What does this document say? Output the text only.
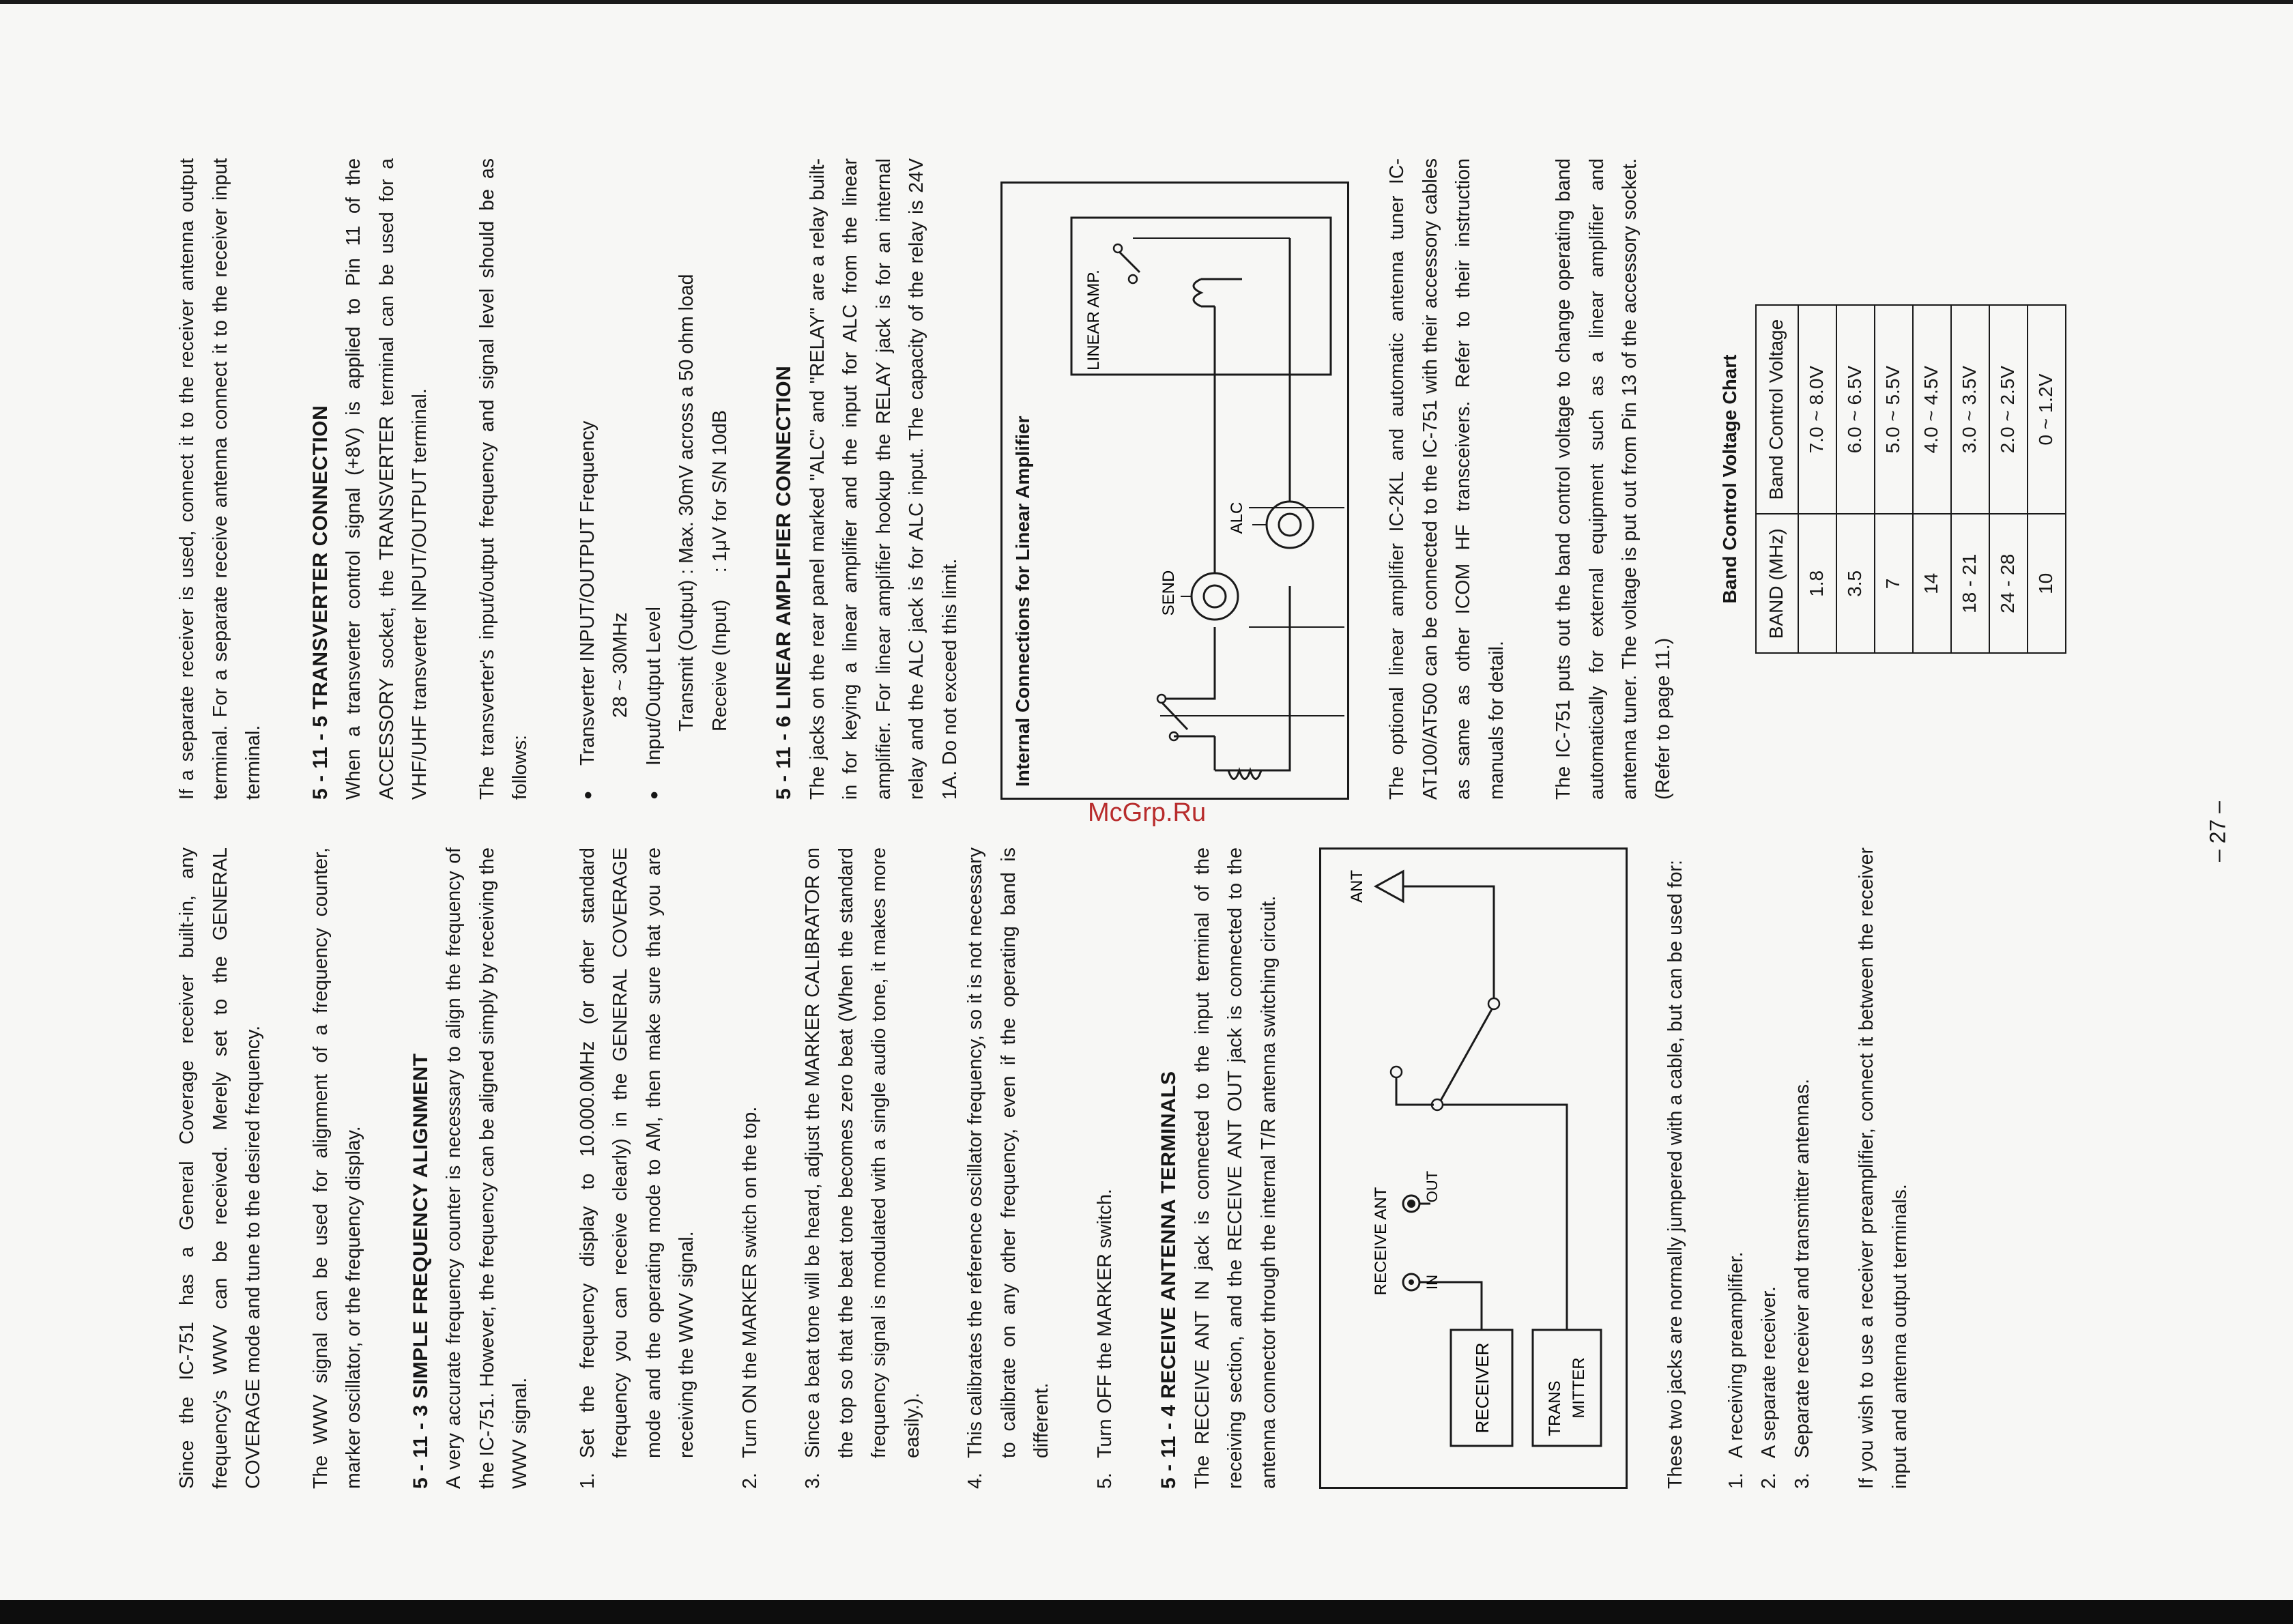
Since the IC-751 has a General Coverage receiver built-in, any frequency's WWV can be received. Merely set to the GENERAL COVERAGE mode and tune to the desired frequency. The WWV signal can be used for alignment of a frequency counter, marker oscillator, or the frequency display. 5 - 11 - 3 SIMPLE FREQUENCY ALIGNMENT A very accurate frequency counter is necessary to align the frequency of the IC-751. However, the frequency can be aligned simply by receiving the WWV signal. 1.
Set the frequency display to 10.000.0MHz (or other standard frequency you can receive clearly) in the GENERAL COVERAGE mode and the operating mode to AM, then make sure that you are receiving the WWV signal.
2.
Turn ON the MARKER switch on the top.
3.
Since a beat tone will be heard, adjust the MARKER CALIBRATOR on the top so that the beat tone becomes zero beat (When the standard frequency signal is modulated with a single audio tone, it makes more easily.).
4.
This calibrates the reference oscillator frequency, so it is not necessary to calibrate on any other frequency, even if the operating band is different.
5.
Turn OFF the MARKER switch. 5 - 11 - 4 RECEIVE ANTENNA TERMINALS The RECEIVE ANT IN jack is connected to the input terminal of the receiving section, and the RECEIVE ANT OUT jack is connected to the antenna connector through the internal T/R antenna switching circuit.	RECEIVER	TRANS MITTER
RECEIVE ANT IN
OUT
ANT	These two jacks are normally jumpered with a cable, but can be used for: 1.
A receiving preamplifier.
2.
A separate receiver.
3.
Separate receiver and transmitter antennas. If you wish to use a receiver preamplifier, connect it between the receiver input and antenna output terminals.

If a separate receiver is used, connect it to the receiver antenna output terminal. For a separate receive antenna connect it to the receiver input terminal. 5 - 11 - 5 TRANSVERTER CONNECTION When a transverter control signal (+8V) is applied to Pin 11 of the ACCESSORY socket, the TRANSVERTER terminal can be used for a VHF/UHF transverter INPUT/OUTPUT terminal. The transverter's input/output frequency and signal level should be as follows:	●
Transverter INPUT/OUTPUT Frequency 28 ~ 30MHz
●
Input/Output Level Transmit (Output) : Max. 30mV across a 50 ohm load Receive (Input)     : 1μV for S/N 10dB 5 - 11 - 6 LINEAR AMPLIFIER CONNECTION The jacks on the rear panel marked "ALC" and "RELAY" are a relay built-in for keying a linear amplifier and the input for ALC from the linear amplifier. For linear amplifier hookup the RELAY jack is for an internal relay and the ALC jack is for ALC input. The capacity of the relay is 24V 1A. Do not exceed this limit.	Internal Connections for Linear Amplifier	SEND
ALC
LINEAR AMP.	The optional linear amplifier IC-2KL and automatic antenna tuner IC-AT100/AT500 can be connected to the IC-751 with their accessory cables as same as other ICOM HF transceivers. Refer to their instruction manuals for detail. The IC-751 puts out the band control voltage to change operating band automatically for external equipment such as a linear amplifier and antenna tuner. The voltage is put out from Pin 13 of the accessory socket. (Refer to page 11.)

Band Control Voltage Chart	BAND (MHz)	Band Control Voltage
1.8	7.0 ~ 8.0V
3.5	6.0 ~ 6.5V
7	5.0 ~ 5.5V
14	4.0 ~ 4.5V
18 - 21	3.0 ~ 3.5V
24 - 28	2.0 ~ 2.5V
10	0 ~ 1.2V
McGrp.Ru	– 27 –
